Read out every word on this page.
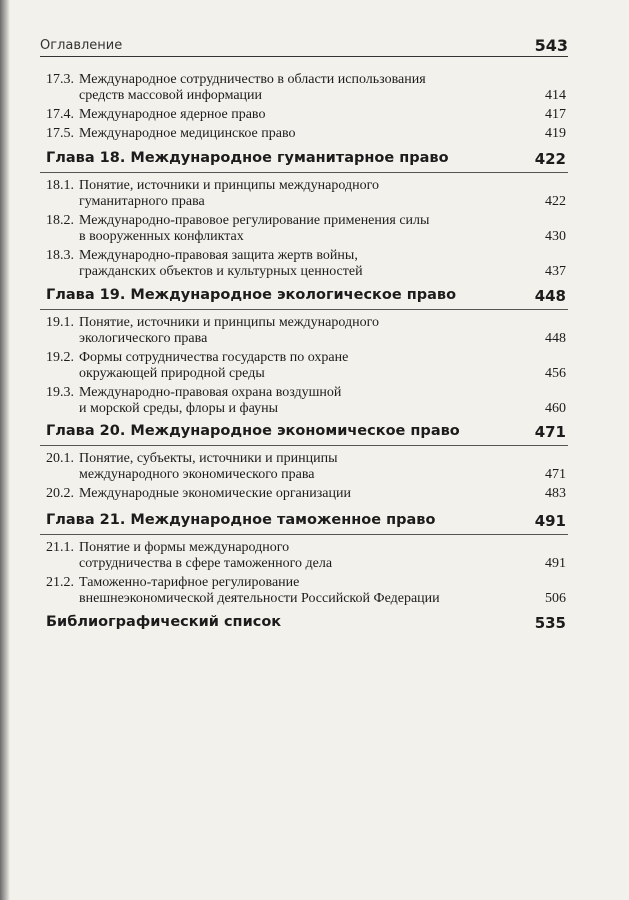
Оглавление	543
17.3. Международное сотрудничество в области использования
средств массовой информации	414
17.4. Международное ядерное право	417
17.5. Международное медицинское право	419
Глава 18. Международное гуманитарное право	422
18.1. Понятие, источники и принципы международного
гуманитарного права	422
18.2. Международно-правовое регулирование применения силы
в вооруженных конфликтах	430
18.3. Международно-правовая защита жертв войны,
гражданских объектов и культурных ценностей	437
Глава 19. Международное экологическое право	448
19.1. Понятие, источники и принципы международного
экологического права	448
19.2. Формы сотрудничества государств по охране
окружающей природной среды	456
19.3. Международно-правовая охрана воздушной
и морской среды, флоры и фауны	460
Глава 20. Международное экономическое право	471
20.1. Понятие, субъекты, источники и принципы
международного экономического права	471
20.2. Международные экономические организации	483
Глава 21. Международное таможенное право	491
21.1. Понятие и формы международного
сотрудничества в сфере таможенного дела	491
21.2. Таможенно-тарифное регулирование
внешнеэкономической деятельности Российской Федерации	506
Библиографический список	535
